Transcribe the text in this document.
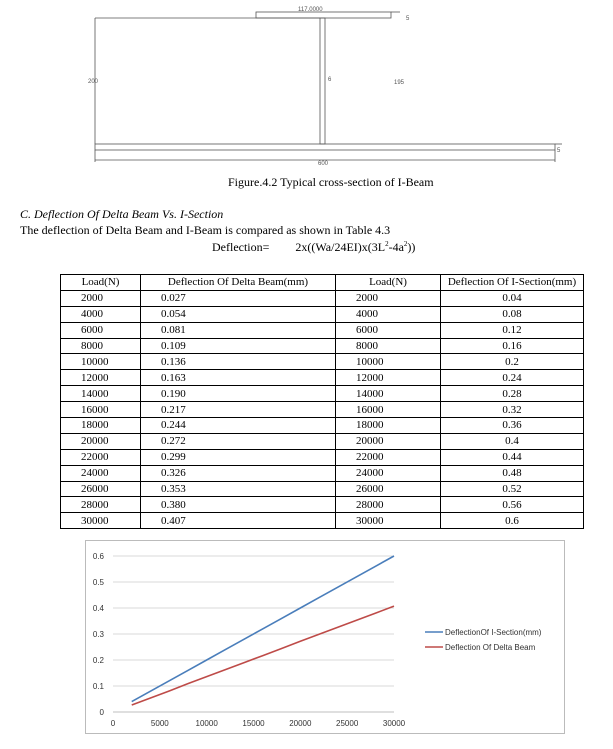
117.0000
5
200	6	195
600
5
Figure.4.2 Typical cross-section of I-Beam
C. Deflection Of Delta Beam Vs. I-Section
The deflection of Delta Beam and I-Beam is compared as shown in Table 4.3
Deflection= $2x((Wa/24EI)x(3L^2-4a^2))$
Load(N)	Deflection Of Delta Beam(mm)	Load(N)	Deflection Of I-Section(mm)
2000	0.027	2000	0.04
4000	0.054	4000	0.08
6000	0.081	6000	0.12
8000	0.109	8000	0.16
10000	0.136	10000	0.2
12000	0.163	12000	0.24
14000	0.190	14000	0.28
16000	0.217	16000	0.32
18000	0.244	18000	0.36
20000	0.272	20000	0.4
22000	0.299	22000	0.44
24000	0.326	24000	0.48
26000	0.353	26000	0.52
28000	0.380	28000	0.56
30000	0.407	30000	0.6
0
0.1
0.2
0.3
0.4
0.5
0.6
0	5000	10000	15000	20000	25000	30000
DeflectionOf I-Section(mm)
Deflection Of Delta Beam
